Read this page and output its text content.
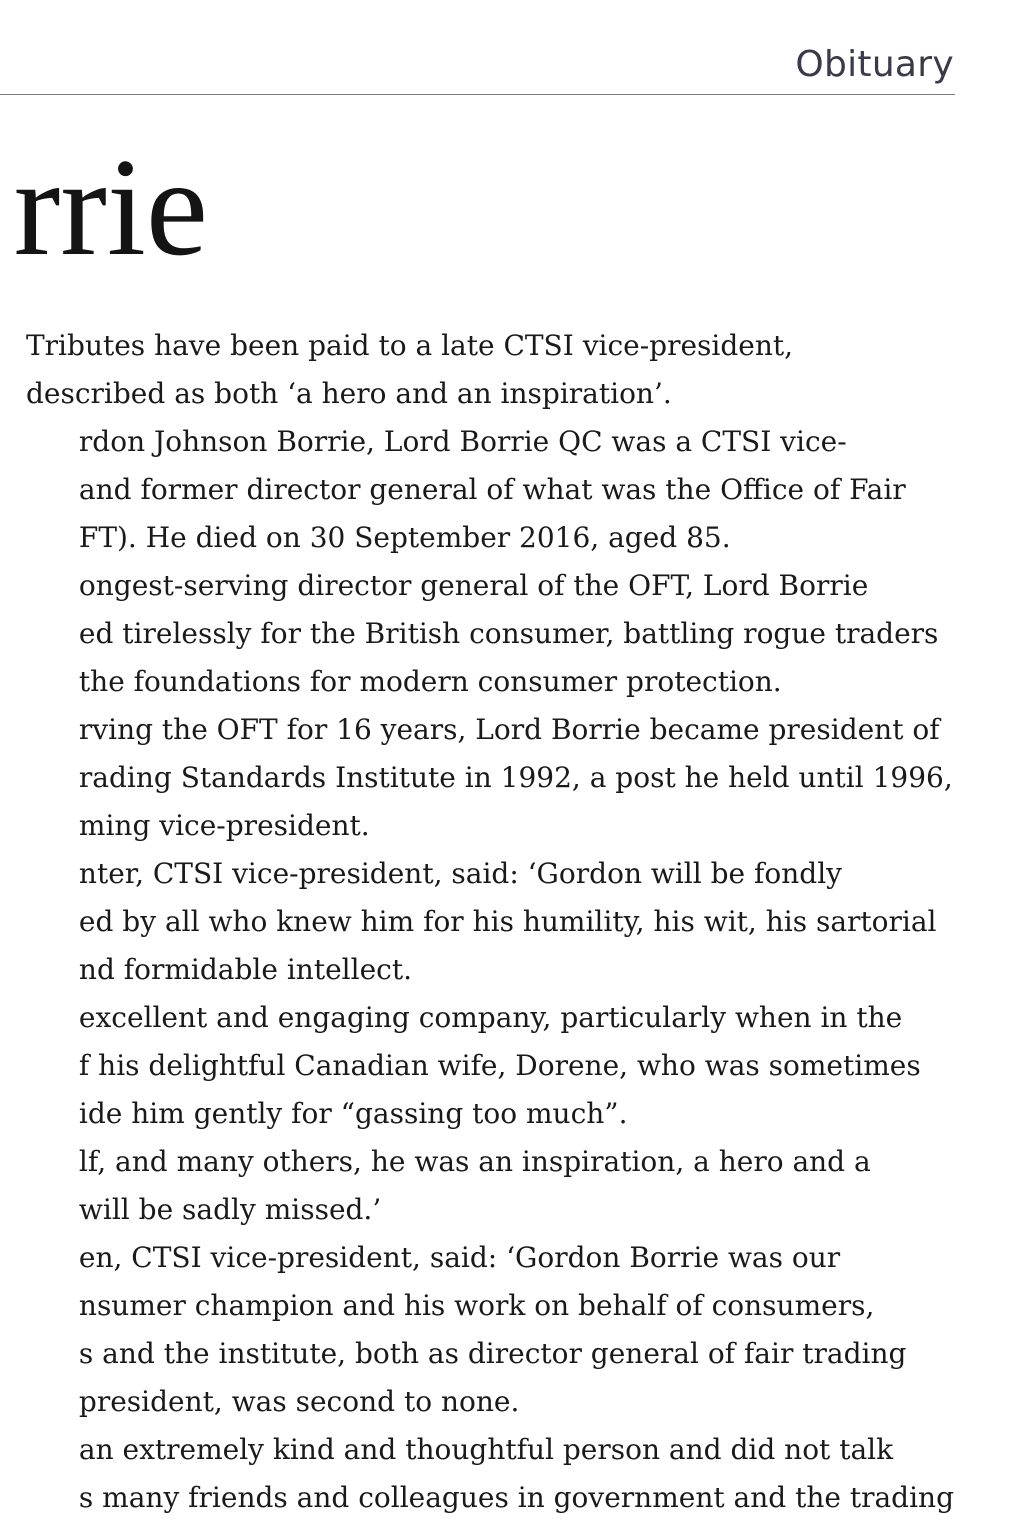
Obituary
rrie
Tributes have been paid to a late CTSI vice-president,
described as both ‘a hero and an inspiration’.
rdon Johnson Borrie, Lord Borrie QC was a CTSI vice-
and former director general of what was the Office of Fair
FT). He died on 30 September 2016, aged 85.
ongest-serving director general of the OFT, Lord Borrie
ed tirelessly for the British consumer, battling rogue traders
the foundations for modern consumer protection.
rving the OFT for 16 years, Lord Borrie became president of
rading Standards Institute in 1992, a post he held until 1996,
ming vice-president.
nter, CTSI vice-president, said: ‘Gordon will be fondly
ed by all who knew him for his humility, his wit, his sartorial
nd formidable intellect.
excellent and engaging company, particularly when in the
f his delightful Canadian wife, Dorene, who was sometimes
ide him gently for “gassing too much”.
lf, and many others, he was an inspiration, a hero and a
will be sadly missed.’
en, CTSI vice-president, said: ‘Gordon Borrie was our
nsumer champion and his work on behalf of consumers,
s and the institute, both as director general of fair trading
president, was second to none.
an extremely kind and thoughtful person and did not talk
s many friends and colleagues in government and the trading
